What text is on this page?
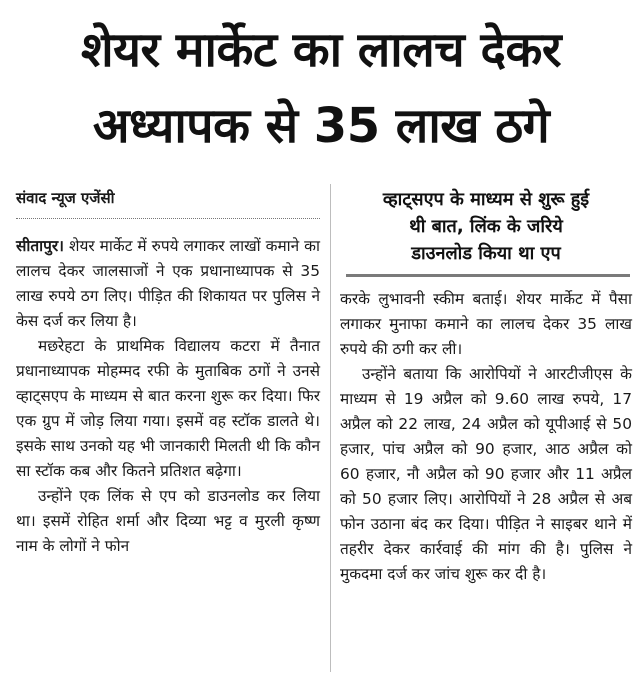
शेयर मार्केट का लालच देकर
अध्यापक से 35 लाख ठगे
संवाद न्यूज एजेंसी	व्हाट्सएप के माध्यम से शुरू हुई
थी बात, लिंक के जरिये
डाउनलोड किया था एप

सीतापुर। शेयर मार्केट में रुपये लगाकर लाखों कमाने का लालच देकर जालसाजों ने एक प्रधानाध्यापक से 35 लाख रुपये ठग लिए। पीड़ित की शिकायत पर पुलिस ने केस दर्ज कर लिया है।

मछरेहटा के प्राथमिक विद्यालय कटरा में तैनात प्रधानाध्यापक मोहम्मद रफी के मुताबिक ठगों ने उनसे व्हाट्सएप के माध्यम से बात करना शुरू कर दिया। फिर एक ग्रुप में जोड़ लिया गया। इसमें वह स्टॉक डालते थे। इसके साथ उनको यह भी जानकारी मिलती थी कि कौन सा स्टॉक कब और कितने प्रतिशत बढ़ेगा।

उन्होंने एक लिंक से एप को डाउनलोड कर लिया था। इसमें रोहित शर्मा और दिव्या भट्ट व मुरली कृष्ण नाम के लोगों ने फोन

करके लुभावनी स्कीम बताई। शेयर मार्केट में पैसा लगाकर मुनाफा कमाने का लालच देकर 35 लाख रुपये की ठगी कर ली।

उन्होंने बताया कि आरोपियों ने आरटीजीएस के माध्यम से 19 अप्रैल को 9.60 लाख रुपये, 17 अप्रैल को 22 लाख, 24 अप्रैल को यूपीआई से 50 हजार, पांच अप्रैल को 90 हजार, आठ अप्रैल को 60 हजार, नौ अप्रैल को 90 हजार और 11 अप्रैल को 50 हजार लिए। आरोपियों ने 28 अप्रैल से अब फोन उठाना बंद कर दिया। पीड़ित ने साइबर थाने में तहरीर देकर कार्रवाई की मांग की है। पुलिस ने मुकदमा दर्ज कर जांच शुरू कर दी है।
